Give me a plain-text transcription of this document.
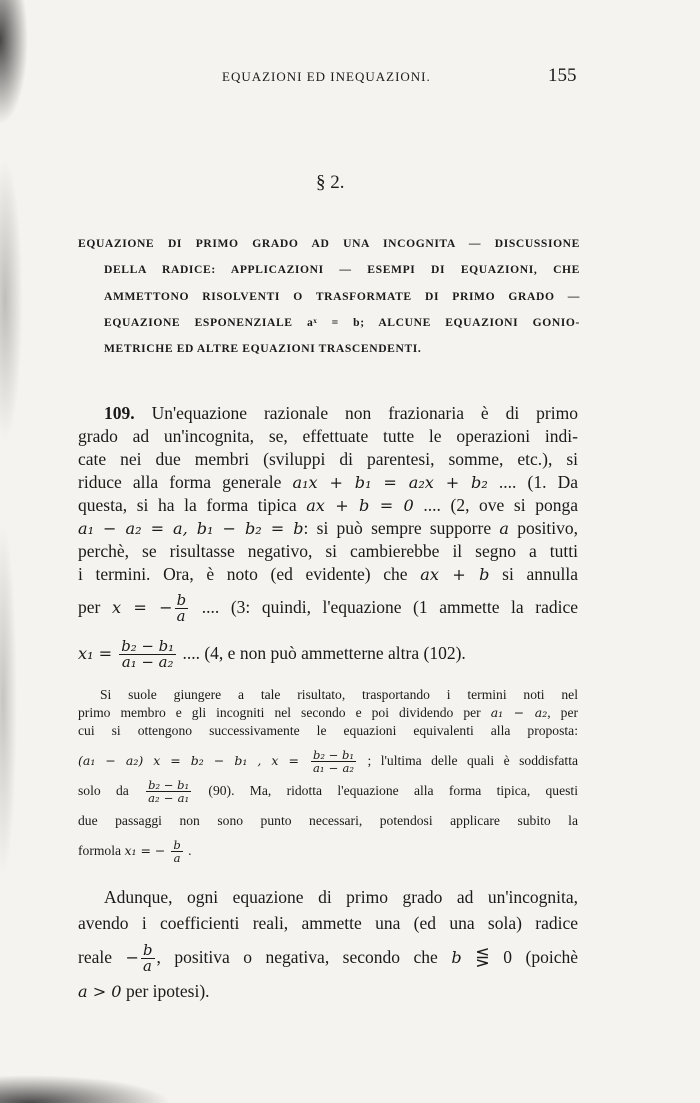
EQUAZIONI ED INEQUAZIONI.	155
§ 2.
EQUAZIONE DI PRIMO GRADO AD UNA INCOGNITA — DISCUSSIONE
DELLA RADICE: APPLICAZIONI — ESEMPI DI EQUAZIONI, CHE
AMMETTONO RISOLVENTI O TRASFORMATE DI PRIMO GRADO —
EQUAZIONE ESPONENZIALE aˣ = b; ALCUNE EQUAZIONI GONIO-
METRICHE ED ALTRE EQUAZIONI TRASCENDENTI.
109. Un'equazione razionale non frazionaria è di primo
grado ad un'incognita, se, effettuate tutte le operazioni indi-
cate nei due membri (sviluppi di parentesi, somme, etc.), si
riduce alla forma generale a₁x + b₁ = a₂x + b₂ .... (1. Da
questa, si ha la forma tipica ax + b = 0 .... (2, ove si ponga
a₁ − a₂ = a, b₁ − b₂ = b: si può sempre supporre a positivo,
perchè, se risultasse negativo, si cambierebbe il segno a tutti
i termini. Ora, è noto (ed evidente) che ax + b si annulla
per x = − $\frac{b}{a}$ .... (3: quindi, l'equazione (1 ammette la radice
$x_1 = \frac{\text{b₂ − b₁}}{\text{a₁ − a₂}}$ .... (4, e non può ammetterne altra (102).
Si suole giungere a tale risultato, trasportando i termini noti nel
primo membro e gli incogniti nel secondo e poi dividendo per a₁ − a₂, per
cui si ottengono successivamente le equazioni equivalenti alla proposta:
(a₁ − a₂) x = b₂ − b₁ , $x = \frac{\text{b₂ − b₁}}{\text{a₁ − a₂}}$ ; l'ultima delle quali è soddisfatta
solo da $\frac{\text{b₂ − b₁}}{\text{a₂ − a₁}} (90)$. Ma, ridotta l'equazione alla forma tipica, questi
due passaggi non sono punto necessari, potendosi applicare subito la
formola x₁ = − $\frac{b}{a}$ .
Adunque, ogni equazione di primo grado ad un'incognita,
avendo i coefficienti reali, ammette una (ed una sola) radice
reale − $\frac{b}{a}$ , positiva o negativa, secondo che b ⋚ 0 (poichè
a > 0 per ipotesi).
